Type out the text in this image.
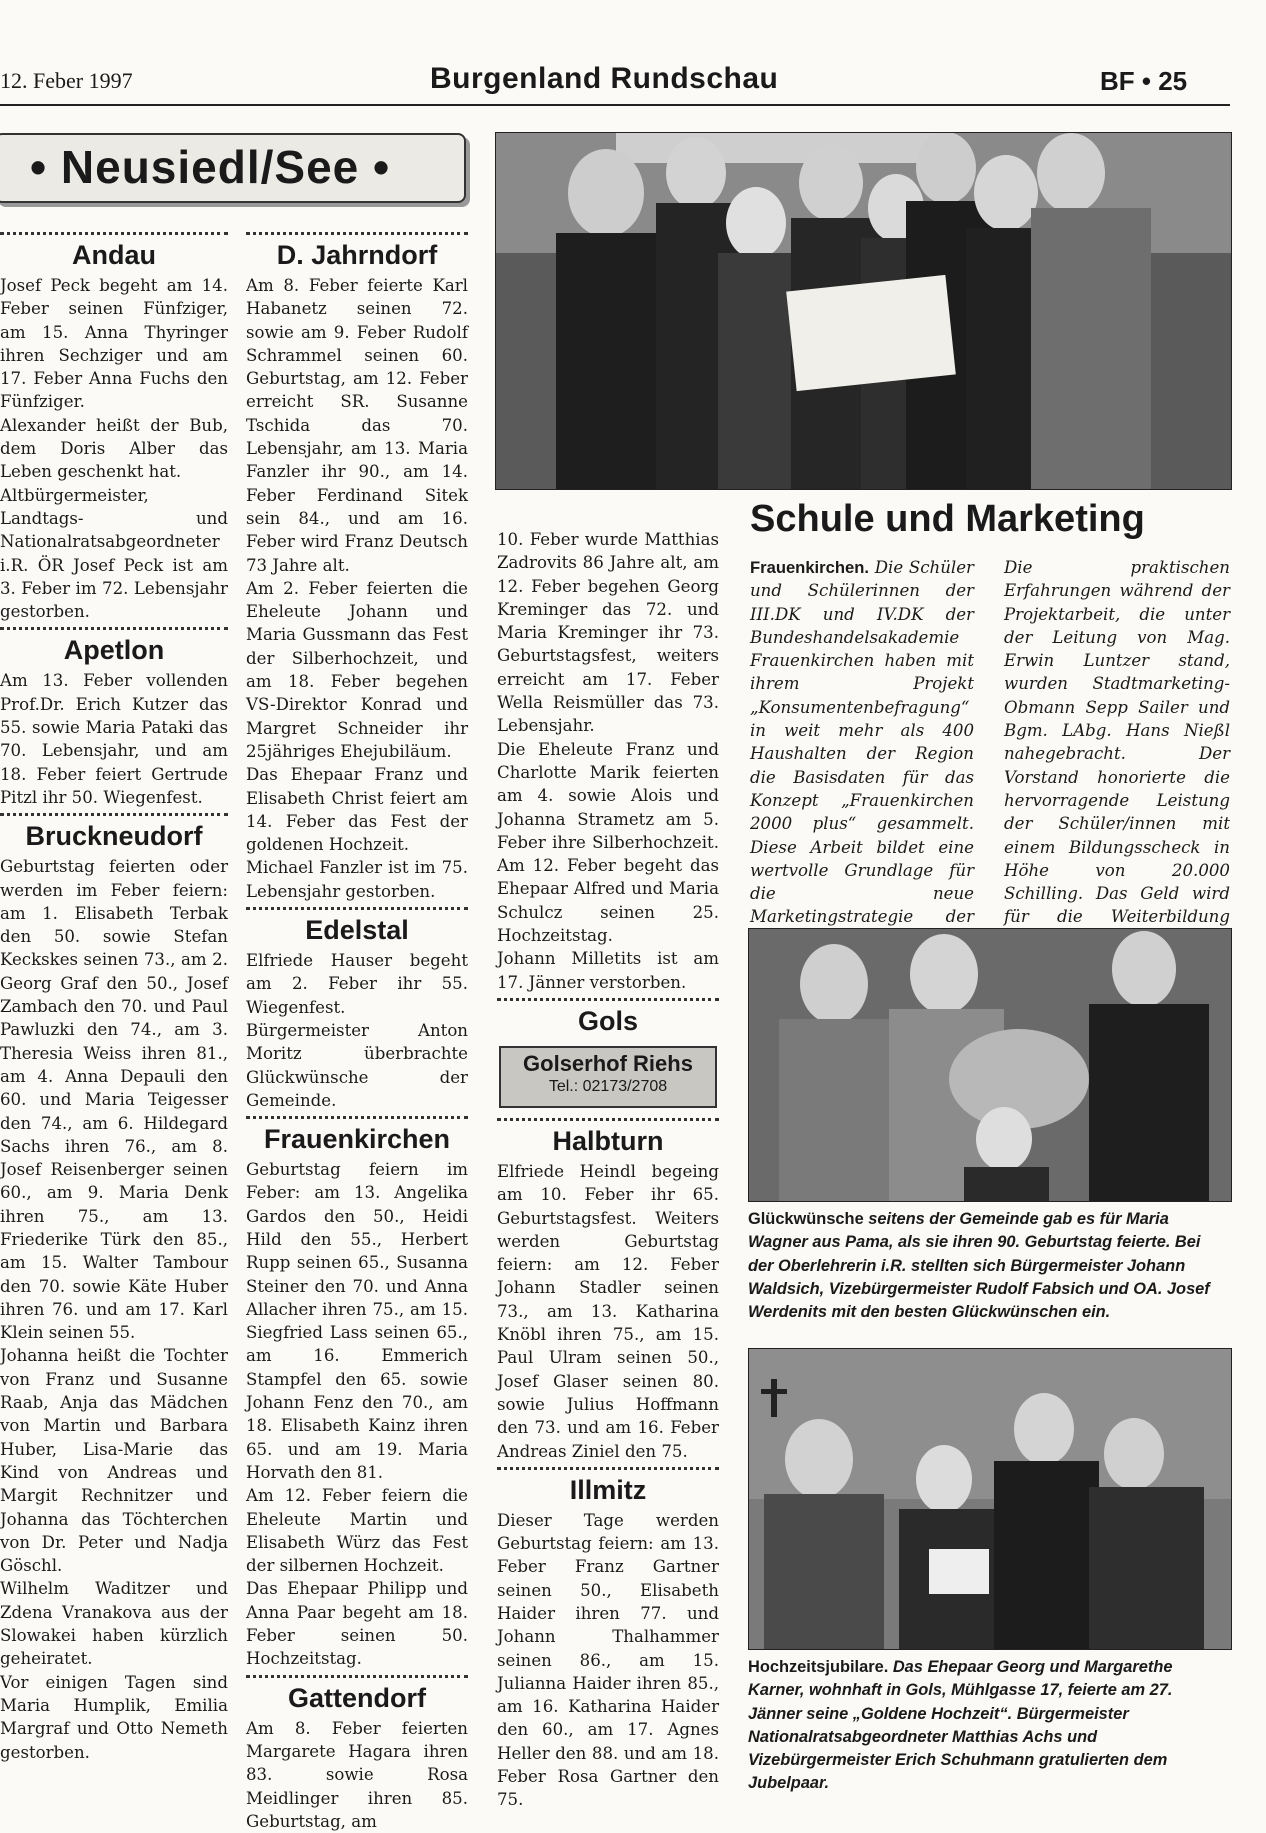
12. Feber 1997	Burgenland Rundschau	BF • 25
• Neusiedl/See •
Andau

Josef Peck begeht am 14. Feber seinen Fünfziger, am 15. Anna Thyringer ihren Sechziger und am 17. Feber Anna Fuchs den Fünfziger.

Alexander heißt der Bub, dem Doris Alber das Leben geschenkt hat.

Altbürgermeister, Landtags- und Nationalratsabgeordneter i.R. ÖR Josef Peck ist am 3. Feber im 72. Lebensjahr gestorben.

Apetlon

Am 13. Feber vollenden Prof.Dr. Erich Kutzer das 55. sowie Maria Pataki das 70. Lebensjahr, und am 18. Feber feiert Gertrude Pitzl ihr 50. Wiegenfest.

Bruckneudorf

Geburtstag feierten oder werden im Feber feiern: am 1. Elisabeth Terbak den 50. sowie Stefan Keckskes seinen 73., am 2. Georg Graf den 50., Josef Zambach den 70. und Paul Pawluzki den 74., am 3. Theresia Weiss ihren 81., am 4. Anna Depauli den 60. und Maria Teigesser den 74., am 6. Hildegard Sachs ihren 76., am 8. Josef Reisenberger seinen 60., am 9. Maria Denk ihren 75., am 13. Friederike Türk den 85., am 15. Walter Tambour den 70. sowie Käte Huber ihren 76. und am 17. Karl Klein seinen 55.

Johanna heißt die Tochter von Franz und Susanne Raab, Anja das Mädchen von Martin und Barbara Huber, Lisa-Marie das Kind von Andreas und Margit Rechnitzer und Johanna das Töchterchen von Dr. Peter und Nadja Göschl.

Wilhelm Waditzer und Zdena Vranakova aus der Slowakei haben kürzlich geheiratet.

Vor einigen Tagen sind Maria Humplik, Emilia Margraf und Otto Nemeth gestorben.

D. Jahrndorf

Am 8. Feber feierte Karl Habanetz seinen 72. sowie am 9. Feber Rudolf Schrammel seinen 60. Geburtstag, am 12. Feber erreicht SR. Susanne Tschida das 70. Lebensjahr, am 13. Maria Fanzler ihr 90., am 14. Feber Ferdinand Sitek sein 84., und am 16. Feber wird Franz Deutsch 73 Jahre alt.

Am 2. Feber feierten die Eheleute Johann und Maria Gussmann das Fest der Silberhochzeit, und am 18. Feber begehen VS-Direktor Konrad und Margret Schneider ihr 25jähriges Ehejubiläum.

Das Ehepaar Franz und Elisabeth Christ feiert am 14. Feber das Fest der goldenen Hochzeit.

Michael Fanzler ist im 75. Lebensjahr gestorben.

Edelstal

Elfriede Hauser begeht am 2. Feber ihr 55. Wiegenfest. Bürgermeister Anton Moritz überbrachte Glückwünsche der Gemeinde.

Frauenkirchen

Geburtstag feiern im Feber: am 13. Angelika Gardos den 50., Heidi Hild den 55., Herbert Rupp seinen 65., Susanna Steiner den 70. und Anna Allacher ihren 75., am 15. Siegfried Lass seinen 65., am 16. Emmerich Stampfel den 65. sowie Johann Fenz den 70., am 18. Elisabeth Kainz ihren 65. und am 19. Maria Horvath den 81.

Am 12. Feber feiern die Eheleute Martin und Elisabeth Würz das Fest der silbernen Hochzeit.

Das Ehepaar Philipp und Anna Paar begeht am 18. Feber seinen 50. Hochzeitstag.

Gattendorf

Am 8. Feber feierten Margarete Hagara ihren 83. sowie Rosa Meidlinger ihren 85. Geburtstag, am

10. Feber wurde Matthias Zadrovits 86 Jahre alt, am 12. Feber begehen Georg Kreminger das 72. und Maria Kreminger ihr 73. Geburtstagsfest, weiters erreicht am 17. Feber Wella Reismüller das 73. Lebensjahr.

Die Eheleute Franz und Charlotte Marik feierten am 4. sowie Alois und Johanna Strametz am 5. Feber ihre Silberhochzeit. Am 12. Feber begeht das Ehepaar Alfred und Maria Schulcz seinen 25. Hochzeitstag.

Johann Milletits ist am 17. Jänner verstorben.

Gols
Golserhof Riehs
Tel.: 02173/2708
Halbturn

Elfriede Heindl begeing am 10. Feber ihr 65. Geburtstagsfest. Weiters werden Geburtstag feiern: am 12. Feber Johann Stadler seinen 73., am 13. Katharina Knöbl ihren 75., am 15. Paul Ulram seinen 50., Josef Glaser seinen 80. sowie Julius Hoffmann den 73. und am 16. Feber Andreas Ziniel den 75.

Illmitz

Dieser Tage werden Geburtstag feiern: am 13. Feber Franz Gartner seinen 50., Elisabeth Haider ihren 77. und Johann Thalhammer seinen 86., am 15. Julianna Haider ihren 85., am 16. Katharina Haider den 60., am 17. Agnes Heller den 88. und am 18. Feber Rosa Gartner den 75.

Schule und Marketing
Frauenkirchen. Die Schüler und Schülerinnen der III.DK und IV.DK der Bundeshandelsakademie Frauenkirchen haben mit ihrem Projekt „Konsumentenbefragung“ in weit mehr als 400 Haushalten der Region die Basisdaten für das Konzept „Frauenkirchen 2000 plus“ gesammelt. Diese Arbeit bildet eine wertvolle Grundlage für die neue Marketingstrategie der
Die praktischen Erfahrungen während der Projektarbeit, die unter der Leitung von Mag. Erwin Luntzer stand, wurden Stadtmarketing-Obmann Sepp Sailer und Bgm. LAbg. Hans Nießl nahegebracht. Der Vorstand honorierte die hervorragende Leistung der Schüler/innen mit einem Bildungsscheck in Höhe von 20.000 Schilling. Das Geld wird für die Weiterbildung
Glückwünsche seitens der Gemeinde gab es für Maria Wagner aus Pama, als sie ihren 90. Geburtstag feierte. Bei der Oberlehrerin i.R. stellten sich Bürgermeister Johann Waldsich, Vizebürgermeister Rudolf Fabsich und OA. Josef Werdenits mit den besten Glückwünschen ein.
Hochzeitsjubilare. Das Ehepaar Georg und Margarethe Karner, wohnhaft in Gols, Mühlgasse 17, feierte am 27. Jänner seine „Goldene Hochzeit“. Bürgermeister Nationalratsabgeordneter Matthias Achs und Vizebürgermeister Erich Schuhmann gratulierten dem Jubelpaar.
